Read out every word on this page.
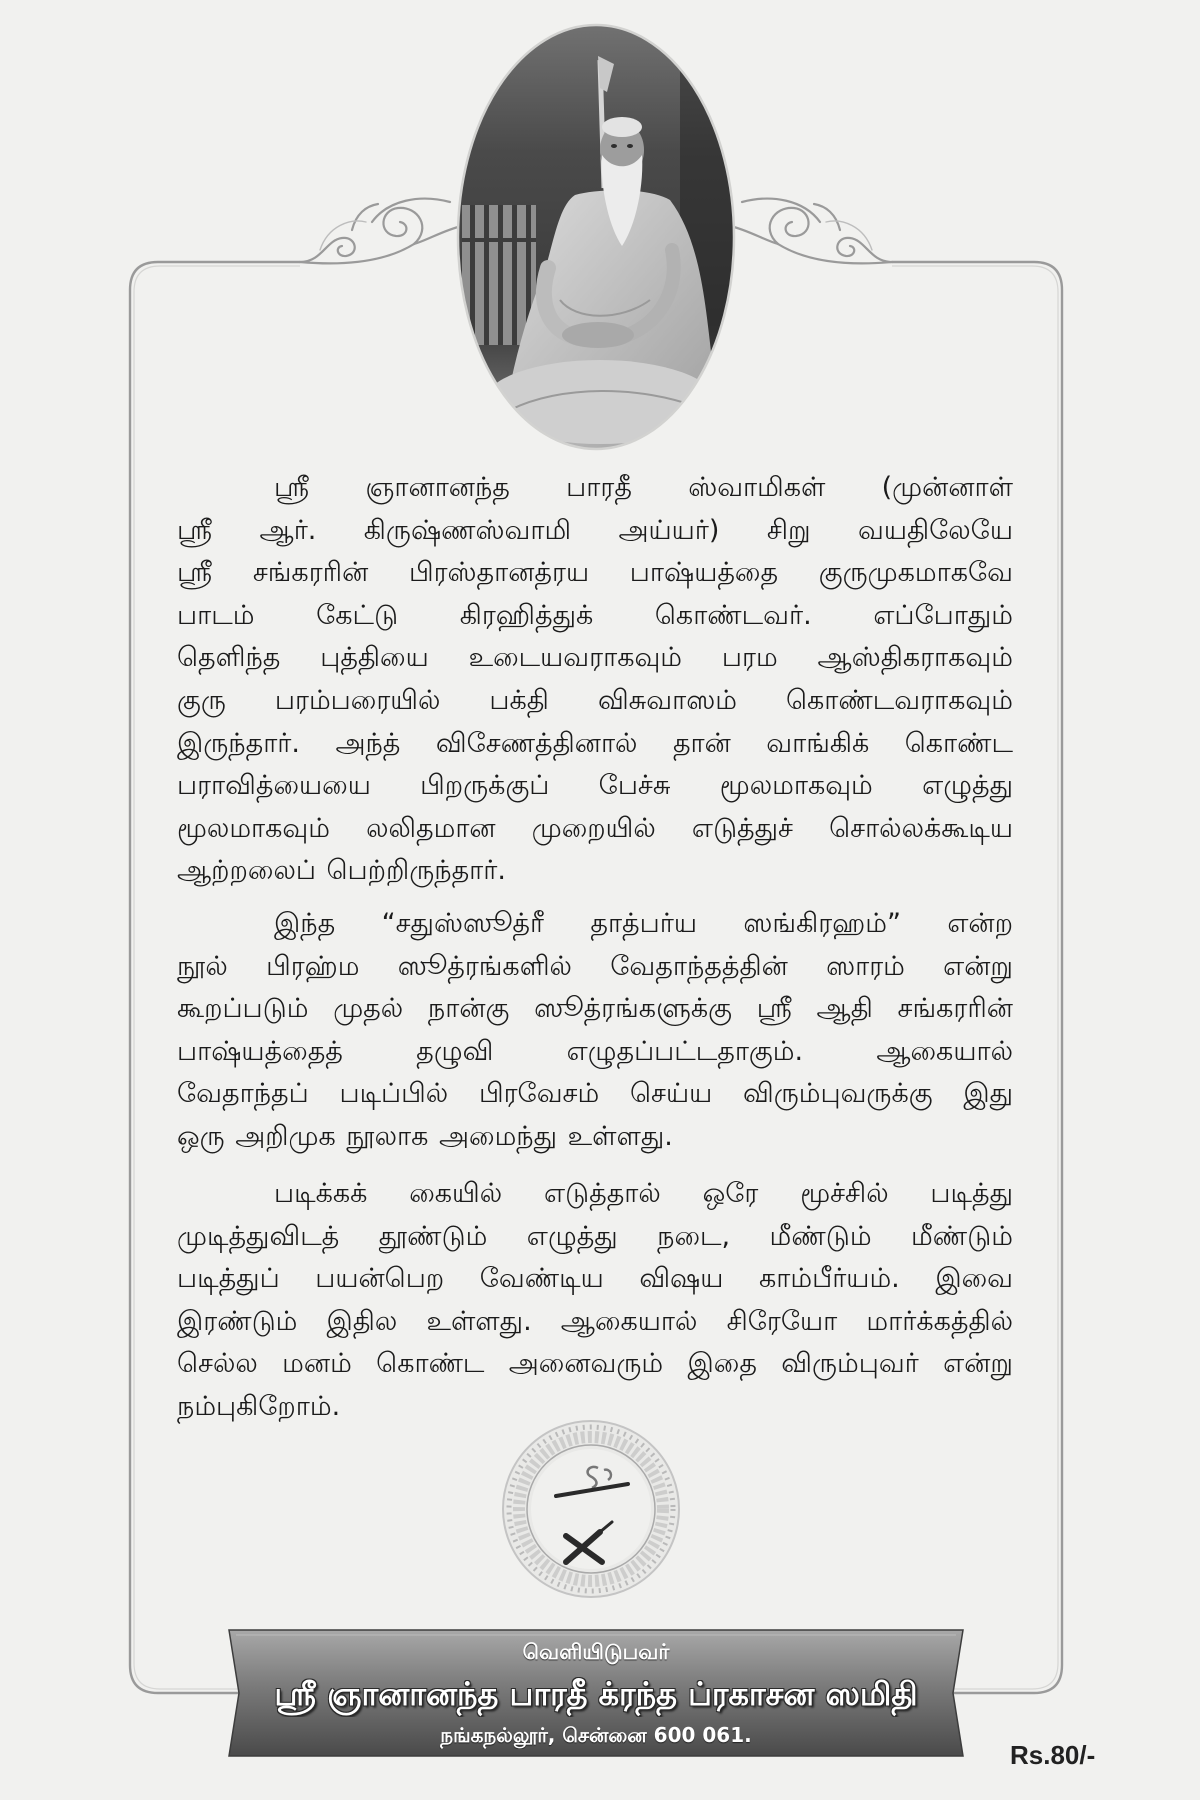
ஸ்ரீ ஞானானந்த பாரதீ ஸ்வாமிகள் (முன்னாள்
ஸ்ரீ ஆர். கிருஷ்ணஸ்வாமி அய்யர்) சிறு வயதிலேயே
ஸ்ரீ சங்கரரின் பிரஸ்தானத்ரய பாஷ்யத்தை குருமுகமாகவே
பாடம் கேட்டு கிரஹித்துக் கொண்டவர். எப்போதும்
தெளிந்த புத்தியை உடையவராகவும் பரம ஆஸ்திகராகவும்
குரு பரம்பரையில் பக்தி விசுவாஸம் கொண்டவராகவும்
இருந்தார். அந்த் விசேணத்தினால் தான் வாங்கிக் கொண்ட
பராவித்யையை பிறருக்குப் பேச்சு மூலமாகவும் எழுத்து
மூலமாகவும் லலிதமான முறையில் எடுத்துச் சொல்லக்கூடிய
ஆற்றலைப் பெற்றிருந்தார்.
இந்த “சதுஸ்ஸூத்ரீ தாத்பர்ய ஸங்கிரஹம்” என்ற
நூல் பிரஹ்ம ஸூத்ரங்களில் வேதாந்தத்தின் ஸாரம் என்று
கூறப்படும் முதல் நான்கு ஸூத்ரங்களுக்கு ஸ்ரீ ஆதி சங்கரரின்
பாஷ்யத்தைத் தழுவி எழுதப்பட்டதாகும். ஆகையால்
வேதாந்தப் படிப்பில் பிரவேசம் செய்ய விரும்புவருக்கு இது
ஒரு அறிமுக நூலாக அமைந்து உள்ளது.
படிக்கக் கையில் எடுத்தால் ஒரே மூச்சில் படித்து
முடித்துவிடத் தூண்டும் எழுத்து நடை, மீண்டும் மீண்டும்
படித்துப் பயன்பெற வேண்டிய விஷய காம்பீர்யம். இவை
இரண்டும் இதில உள்ளது. ஆகையால் சிரேயோ மார்க்கத்தில்
செல்ல மனம் கொண்ட அனைவரும் இதை விரும்புவர் என்று
நம்புகிறோம்.
வெளியிடுபவர்
ஸ்ரீ ஞானானந்த பாரதீ க்ரந்த ப்ரகாசன ஸமிதி
நங்கநல்லூர், சென்னை 600 061.
Rs.80/-
